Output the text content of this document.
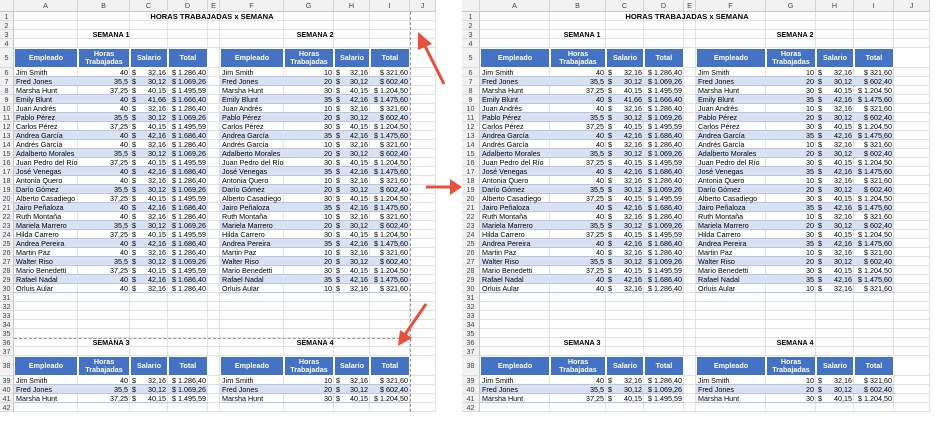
A	B	C	D	E	F	G	H	I	J
1
2
3
4
5
6
7
8
9
10
11
12
13
14
15
16
17
18
19
20
21
22
23
24
25
26
27
28
29
30
31
32
33
34
35
36
37
38
39
40
41
42
HORAS TRABAJADAS x SEMANA
SEMANA 1
Empleado	Horas Trabajadas	Salario	Total
Jim Smith	40 $ 32,16 $ 1.286,40
Fred Jones	35,5 $ 30,12 $ 1.069,26
Marsha Hunt	37,25 $ 40,15 $ 1.495,59
Emily Blunt	40 $ 41,66 $ 1.666,40
Juan Andrés	40 $ 32,16 $ 1.286,40
Pablo Pérez	35,5 $ 30,12 $ 1.069,26
Carlos Pérez	37,25 $ 40,15 $ 1.495,59
Andrea García	40 $ 42,16 $ 1.686,40
Andrés García	40 $ 32,16 $ 1.286,40
Adalberto Morales	35,5 $ 30,12 $ 1.069,26
Juan Pedro del Río	37,25 $ 40,15 $ 1.495,59
José Venegas	40 $ 42,16 $ 1.686,40
Antonia Quero	40 $ 32,16 $ 1.286,40
Darío Gómez	35,5 $ 30,12 $ 1.069,26
Alberto Casadiego	37,25 $ 40,15 $ 1.495,59
Jairo Peñaloza	40 $ 42,16 $ 1.686,40
Ruth Montaña	40 $ 32,16 $ 1.286,40
Mariela Marrero	35,5 $ 30,12 $ 1.069,26
Hilda Carrero	37,25 $ 40,15 $ 1.495,59
Andrea Pereira	40 $ 42,16 $ 1.686,40
Martin Paz	40 $ 32,16 $ 1.286,40
Walter Riso	35,5 $ 30,12 $ 1.069,26
Mario Benedetti	37,25 $ 40,15 $ 1.495,59
Rafael Nadal	40 $ 42,16 $ 1.686,40
Orluis Aular	40 $ 32,16 $ 1.286,40
SEMANA 2
Empleado	Horas Trabajadas	Salario	Total
Jim Smith	10 $ 32,16	$ 321,60
Fred Jones	20 $ 30,12	$ 602,40
Marsha Hunt	30 $ 40,15 $ 1.204,50
Emily Blunt	35 $ 42,16 $ 1.475,60
Juan Andrés	10 $ 32,16	$ 321,60
Pablo Pérez	20 $ 30,12	$ 602,40
Carlos Pérez	30 $ 40,15 $ 1.204,50
Andrea García	35 $ 42,16 $ 1.475,60
Andrés García	10 $ 32,16	$ 321,60
Adalberto Morales	20 $ 30,12	$ 602,40
Juan Pedro del Río	30 $ 40,15 $ 1.204,50
José Venegas	35 $ 42,16 $ 1.475,60
Antonia Quero	10 $ 32,16	$ 321,60
Darío Gómez	20 $ 30,12	$ 602,40
Alberto Casadiego	30 $ 40,15 $ 1.204,50
Jairo Peñaloza	35 $ 42,16 $ 1.475,60
Ruth Montaña	10 $ 32,16	$ 321,60
Mariela Marrero	20 $ 30,12	$ 602,40
Hilda Carrero	30 $ 40,15 $ 1.204,50
Andrea Pereira	35 $ 42,16 $ 1.475,60
Martin Paz	10 $ 32,16	$ 321,60
Walter Riso	20 $ 30,12	$ 602,40
Mario Benedetti	30 $ 40,15 $ 1.204,50
Rafael Nadal	35 $ 42,16 $ 1.475,60
Orluis Aular	10 $ 32,16	$ 321,60
SEMANA 3
Empleado	Horas Trabajadas	Salario	Total
Jim Smith	40 $ 32,16 $ 1.286,40
Fred Jones	35,5 $ 30,12 $ 1.069,26
Marsha Hunt	37,25 $ 40,15 $ 1.495,59
SEMANA 4
Empleado	Horas Trabajadas	Salario	Total
Jim Smith	10 $ 32,16	$ 321,60
Fred Jones	20 $ 30,12	$ 602,40
Marsha Hunt	30 $ 40,15 $ 1.204,50
A	B	C	D	E	F	G	H	I	J
1
2
3
4
5
6
7
8
9
10
11
12
13
14
15
16
17
18
19
20
21
22
23
24
25
26
27
28
29
30
31
32
33
34
35
36
37
38
39
40
41
42
HORAS TRABAJADAS x SEMANA
SEMANA 1
Empleado	Horas Trabajadas	Salario	Total
Jim Smith	40 $ 32,16 $ 1.286,40
Fred Jones	35,5 $ 30,12 $ 1.069,26
Marsha Hunt	37,25 $ 40,15 $ 1.495,59
Emily Blunt	40 $ 41,66 $ 1.666,40
Juan Andrés	40 $ 32,16 $ 1.286,40
Pablo Pérez	35,5 $ 30,12 $ 1.069,26
Carlos Pérez	37,25 $ 40,15 $ 1.495,59
Andrea García	40 $ 42,16 $ 1.686,40
Andrés García	40 $ 32,16 $ 1.286,40
Adalberto Morales	35,5 $ 30,12 $ 1.069,26
Juan Pedro del Río	37,25 $ 40,15 $ 1.495,59
José Venegas	40 $ 42,16 $ 1.686,40
Antonia Quero	40 $ 32,16 $ 1.286,40
Darío Gómez	35,5 $ 30,12 $ 1.069,26
Alberto Casadiego	37,25 $ 40,15 $ 1.495,59
Jairo Peñaloza	40 $ 42,16 $ 1.686,40
Ruth Montaña	40 $ 32,16 $ 1.286,40
Mariela Marrero	35,5 $ 30,12 $ 1.069,26
Hilda Carrero	37,25 $ 40,15 $ 1.495,59
Andrea Pereira	40 $ 42,16 $ 1.686,40
Martin Paz	40 $ 32,16 $ 1.286,40
Walter Riso	35,5 $ 30,12 $ 1.069,26
Mario Benedetti	37,25 $ 40,15 $ 1.495,59
Rafael Nadal	40 $ 42,16 $ 1.686,40
Orluis Aular	40 $ 32,16 $ 1.286,40
SEMANA 2
Empleado	Horas Trabajadas	Salario	Total
Jim Smith	10 $ 32,16	$ 321,60
Fred Jones	20 $ 30,12	$ 602,40
Marsha Hunt	30 $ 40,15 $ 1.204,50
Emily Blunt	35 $ 42,16 $ 1.475,60
Juan Andrés	10 $ 32,16	$ 321,60
Pablo Pérez	20 $ 30,12	$ 602,40
Carlos Pérez	30 $ 40,15 $ 1.204,50
Andrea García	35 $ 42,16 $ 1.475,60
Andrés García	10 $ 32,16	$ 321,60
Adalberto Morales	20 $ 30,12	$ 602,40
Juan Pedro del Río	30 $ 40,15 $ 1.204,50
José Venegas	35 $ 42,16 $ 1.475,60
Antonia Quero	10 $ 32,16	$ 321,60
Darío Gómez	20 $ 30,12	$ 602,40
Alberto Casadiego	30 $ 40,15 $ 1.204,50
Jairo Peñaloza	35 $ 42,16 $ 1.475,60
Ruth Montaña	10 $ 32,16	$ 321,60
Mariela Marrero	20 $ 30,12	$ 602,40
Hilda Carrero	30 $ 40,15 $ 1.204,50
Andrea Pereira	35 $ 42,16 $ 1.475,60
Martin Paz	10 $ 32,16	$ 321,60
Walter Riso	20 $ 30,12	$ 602,40
Mario Benedetti	30 $ 40,15 $ 1.204,50
Rafael Nadal	35 $ 42,16 $ 1.475,60
Orluis Aular	10 $ 32,16	$ 321,60
SEMANA 3
Empleado	Horas Trabajadas	Salario	Total
Jim Smith	40 $ 32,16 $ 1.286,40
Fred Jones	35,5 $ 30,12 $ 1.069,26
Marsha Hunt	37,25 $ 40,15 $ 1.495,59
SEMANA 4
Empleado	Horas Trabajadas	Salario	Total
Jim Smith	10 $ 32,16	$ 321,60
Fred Jones	20 $ 30,12	$ 602,40
Marsha Hunt	30 $ 40,15 $ 1.204,50
